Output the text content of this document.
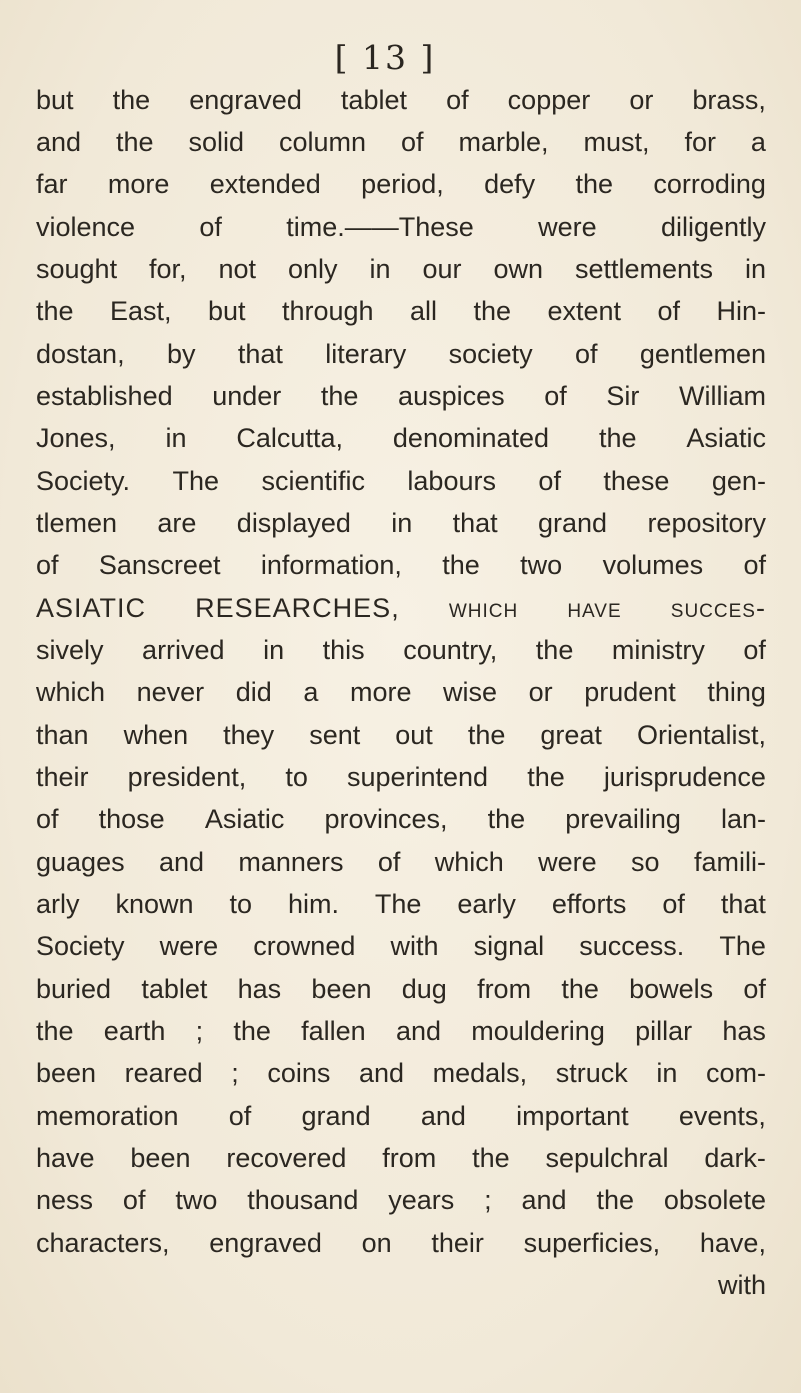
[ 13 ]
but the engraved tablet of copper or brass,
and the solid column of marble, must, for a
far more extended period, defy the corroding
violence of time.——These were diligently
sought for, not only in our own settlements in
the East, but through all the extent of Hin-
dostan, by that literary society of gentlemen
established under the auspices of Sir William
Jones, in Calcutta, denominated the Asiatic
Society. The scientific labours of these gen-
tlemen are displayed in that grand repository
of Sanscreet information, the two volumes of
ASIATIC RESEARCHES, which have succes-
sively arrived in this country, the ministry of
which never did a more wise or prudent thing
than when they sent out the great Orientalist,
their president, to superintend the jurisprudence
of those Asiatic provinces, the prevailing lan-
guages and manners of which were so famili-
arly known to him. The early efforts of that
Society were crowned with signal success. The
buried tablet has been dug from the bowels of
the earth ; the fallen and mouldering pillar has
been reared ; coins and medals, struck in com-
memoration of grand and important events,
have been recovered from the sepulchral dark-
ness of two thousand years ; and the obsolete
characters, engraved on their superficies, have,
with
